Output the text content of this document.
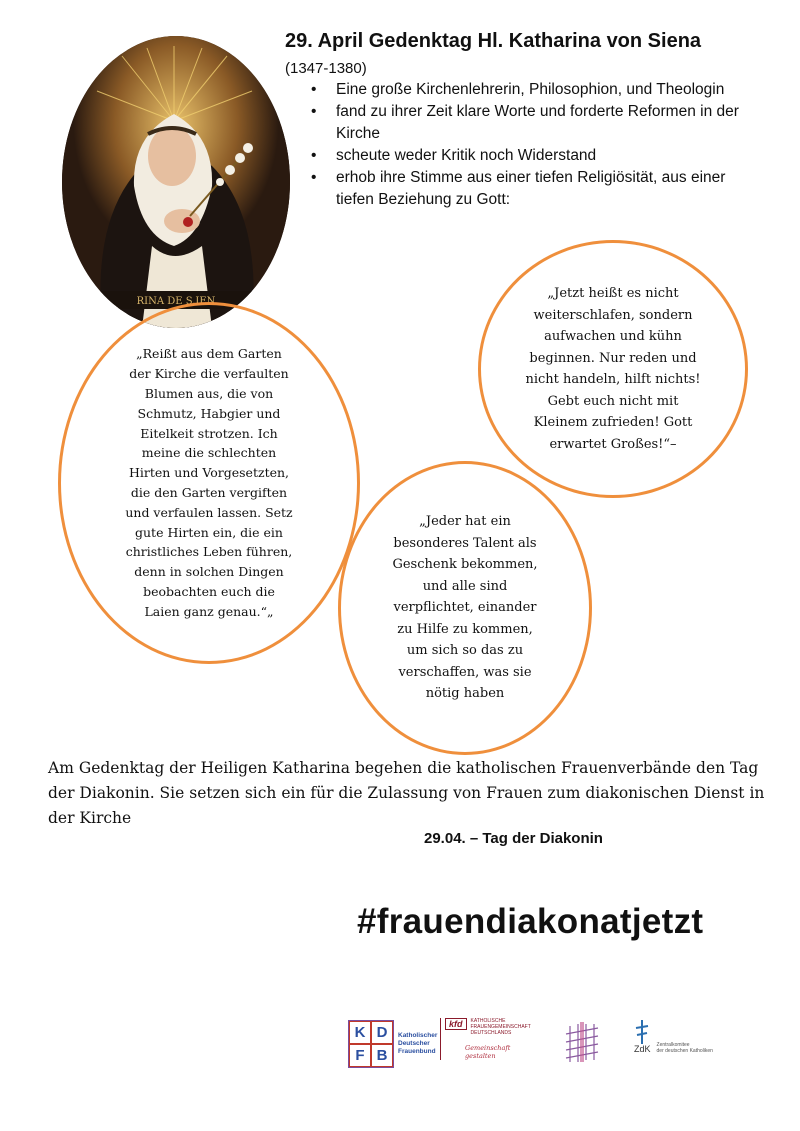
RINA DE S.IEN
29. April Gedenktag Hl. Katharina von Siena
(1347-1380)
• Eine große Kirchenlehrerin, Philosophion, und Theologin
• fand zu ihrer Zeit klare Worte und forderte Reformen in der Kirche
• scheute weder Kritik noch Widerstand
• erhob ihre Stimme aus einer tiefen Religiösität, aus einer tiefen Beziehung zu Gott:
„Reißt aus dem Garten der Kirche die verfaulten Blumen aus, die von Schmutz, Habgier und Eitelkeit strotzen. Ich meine die schlechten Hirten und Vorgesetzten, die den Garten vergiften und verfaulen lassen. Setz gute Hirten ein, die ein christliches Leben führen, denn in solchen Dingen beobachten euch die Laien ganz genau.“„
„Jetzt heißt es nicht weiterschlafen, sondern aufwachen und kühn beginnen. Nur reden und nicht handeln, hilft nichts! Gebt euch nicht mit Kleinem zufrieden! Gott erwartet Großes!“–
„Jeder hat ein besonderes Talent als Geschenk bekommen, und alle sind verpflichtet, einander zu Hilfe zu kommen, um sich so das zu verschaffen, was sie nötig haben
Am Gedenktag der Heiligen Katharina begehen die katholischen Frauenverbände den Tag der Diakonin. Sie setzen sich ein für die Zulassung von Frauen zum diakonischen Dienst in der Kirche
29.04. – Tag der Diakonin
#frauendiakonatjetzt
K D
F B
Katholischer
Deutscher
Frauenbund
kfd	KATHOLISCHE
FRAUENGEMEINSCHAFT
DEUTSCHLANDS
Gemeinschaft
gestalten
ZdK Zentralkomitee
der deutschen Katholiken
